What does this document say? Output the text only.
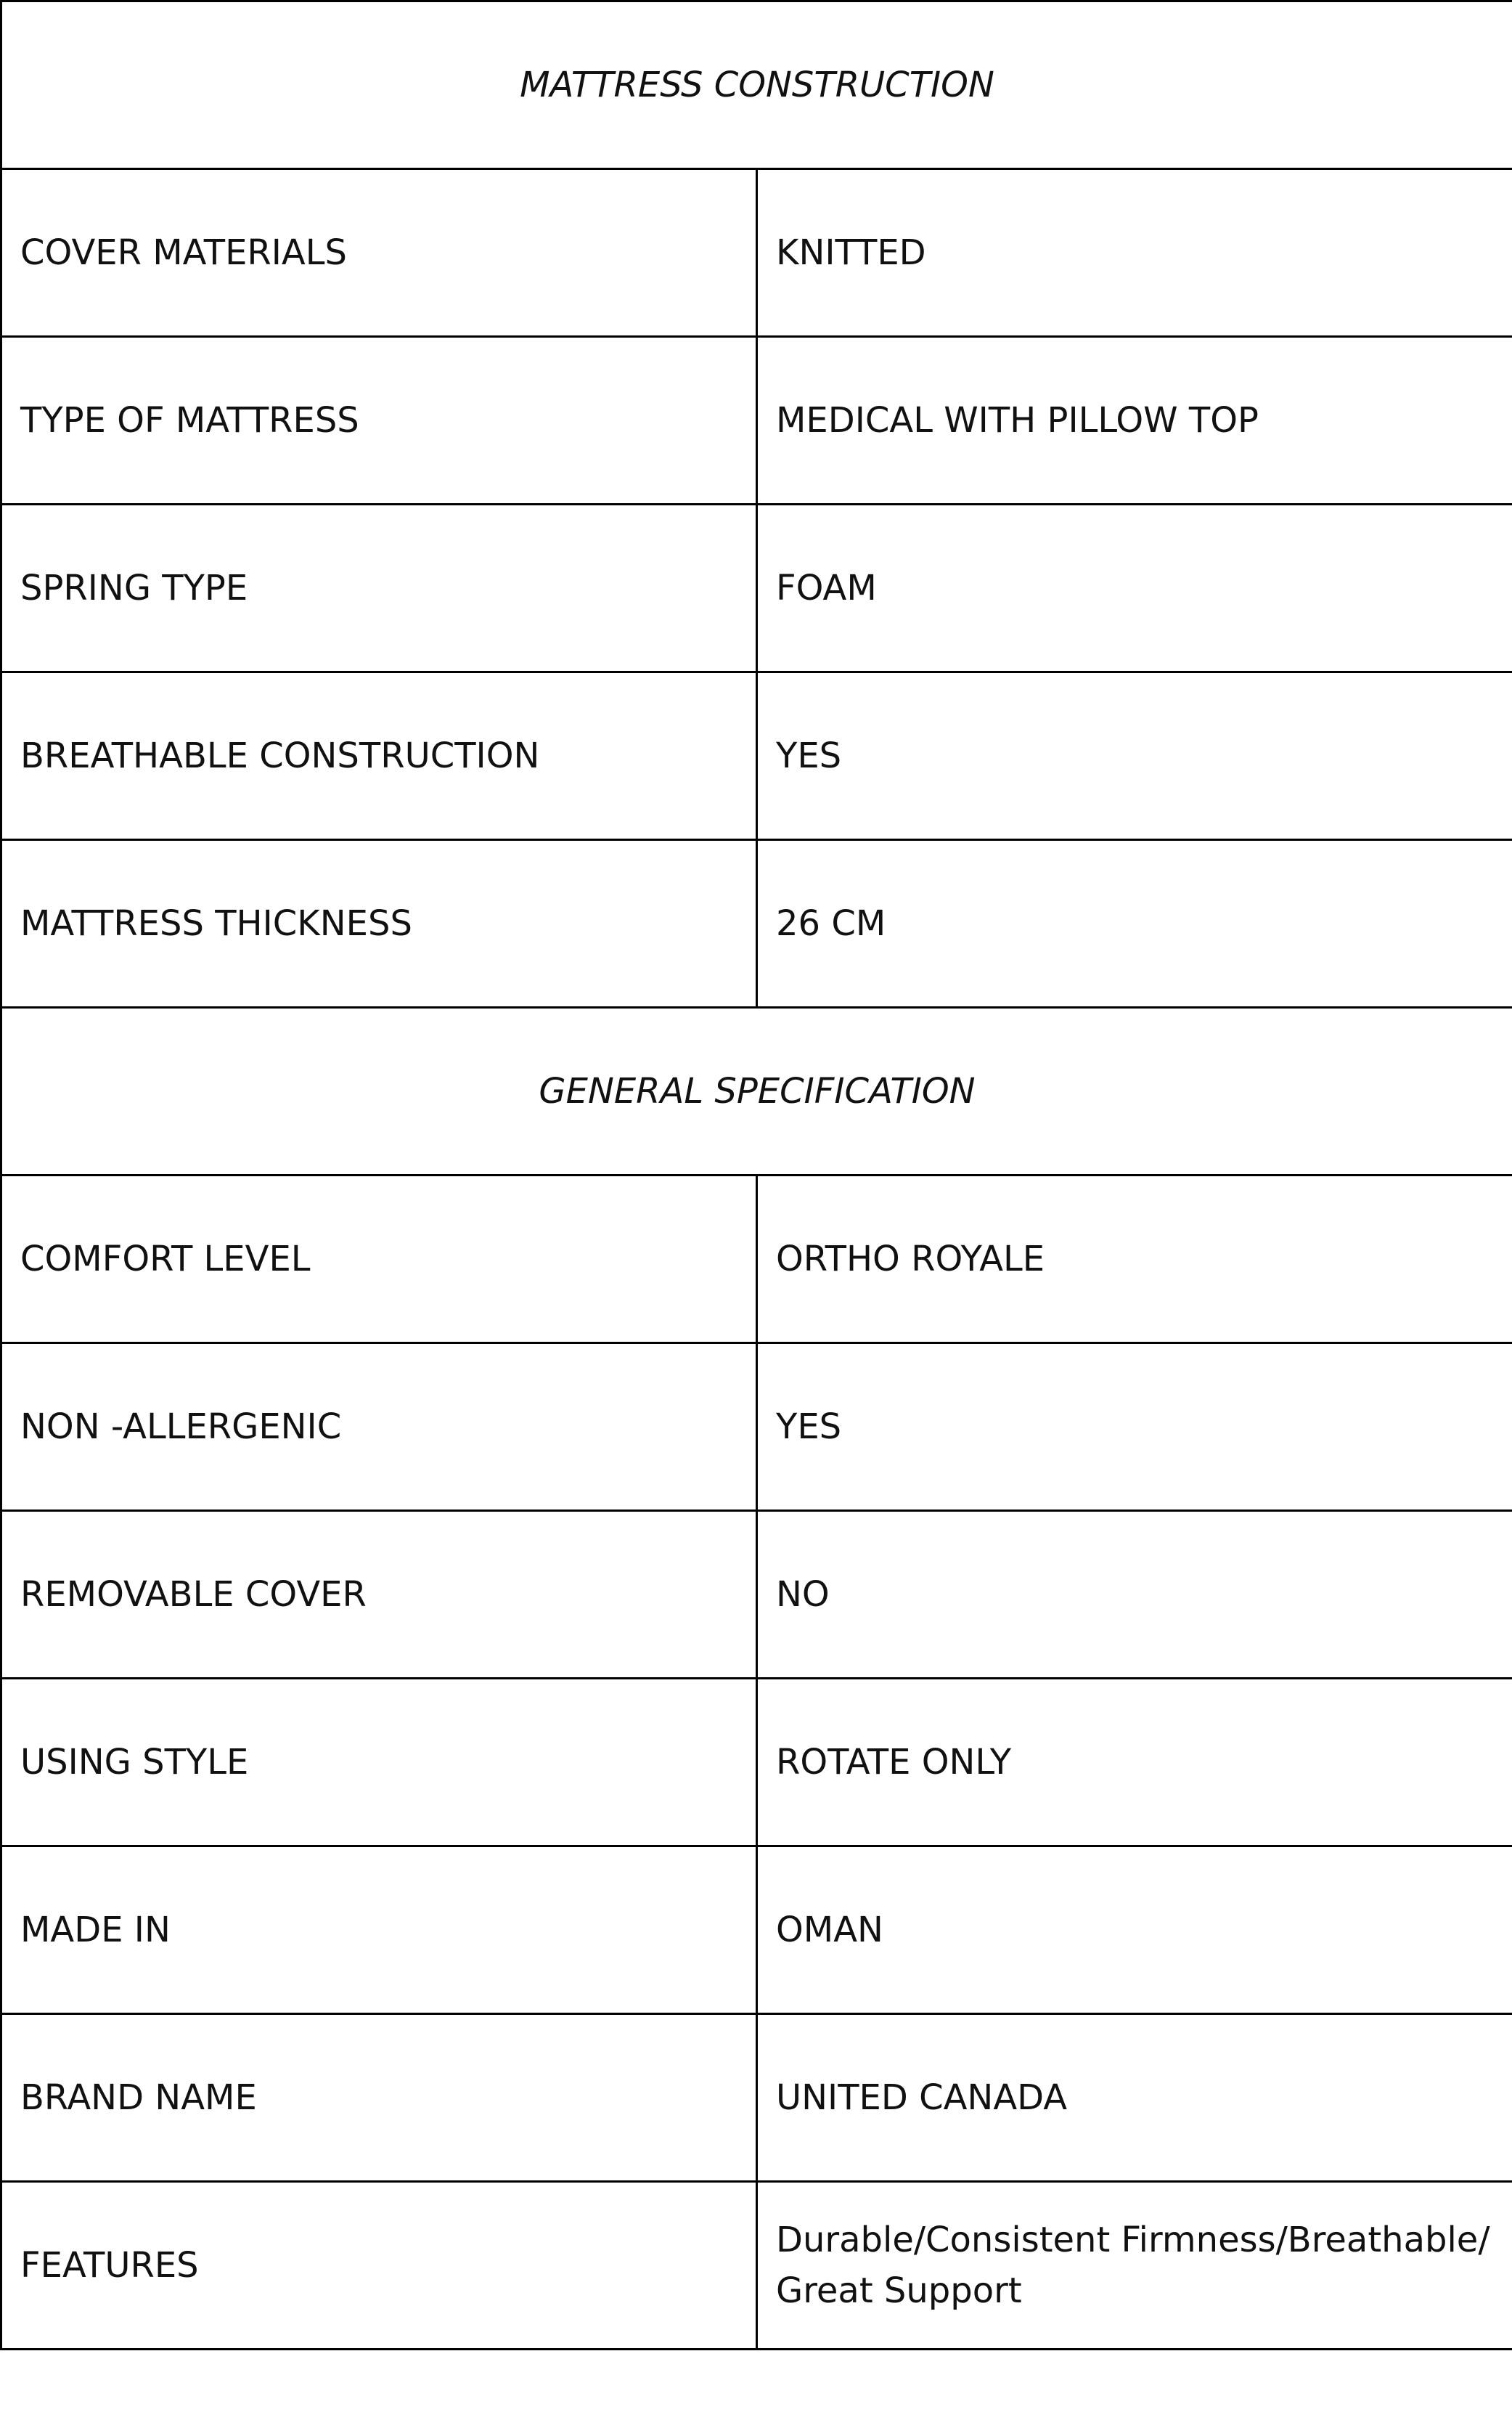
MATTRESS CONSTRUCTION	
COVER MATERIALS	KNITTED
TYPE OF MATTRESS	MEDICAL WITH PILLOW TOP
SPRING TYPE	FOAM
BREATHABLE CONSTRUCTION	YES
MATTRESS THICKNESS	26 CM
GENERAL SPECIFICATION	
COMFORT LEVEL	ORTHO ROYALE
NON -ALLERGENIC	YES
REMOVABLE COVER	NO
USING STYLE	ROTATE ONLY
MADE IN	OMAN
BRAND NAME	UNITED CANADA
FEATURES	Durable/Consistent Firmness/Breathable/
Great Support
